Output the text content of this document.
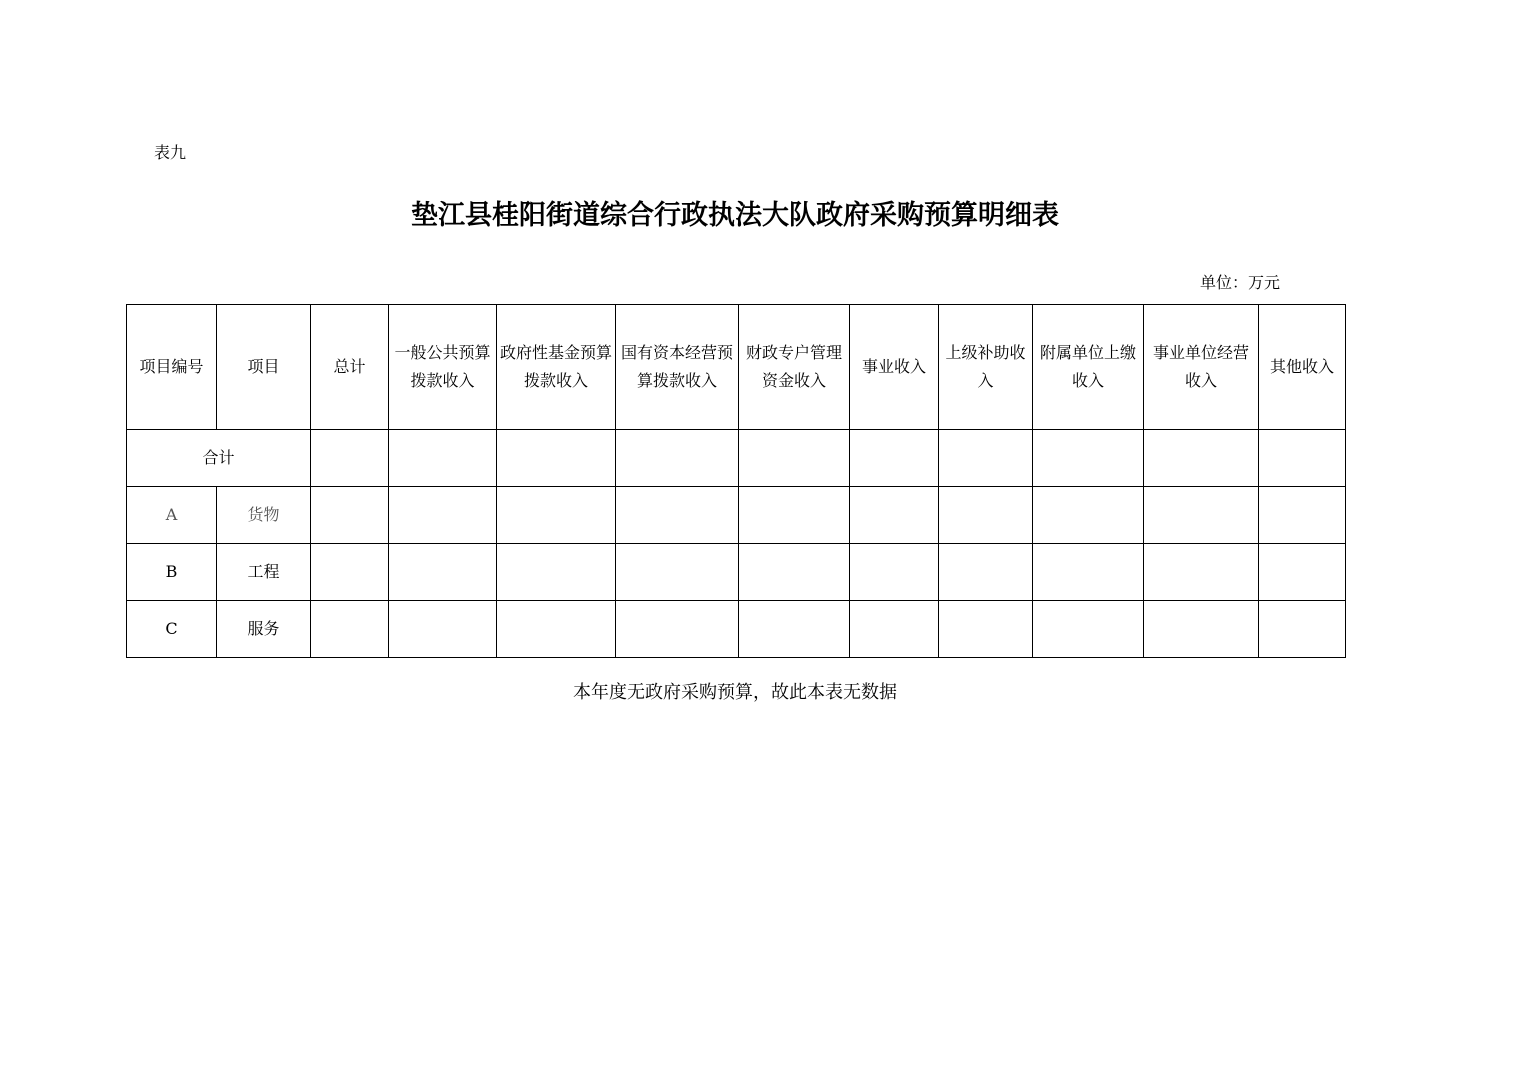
表九
垫江县桂阳街道综合行政执法大队政府采购预算明细表
单位：万元
项目编号	项目	总计	一般公共预算拨款收入	政府性基金预算拨款收入	国有资本经营预算拨款收入	财政专户管理资金收入	事业收入	上级补助收入	附属单位上缴收入	事业单位经营收入	其他收入
合计											
A	货物										
B	工程										
C	服务										
本年度无政府采购预算，故此本表无数据
